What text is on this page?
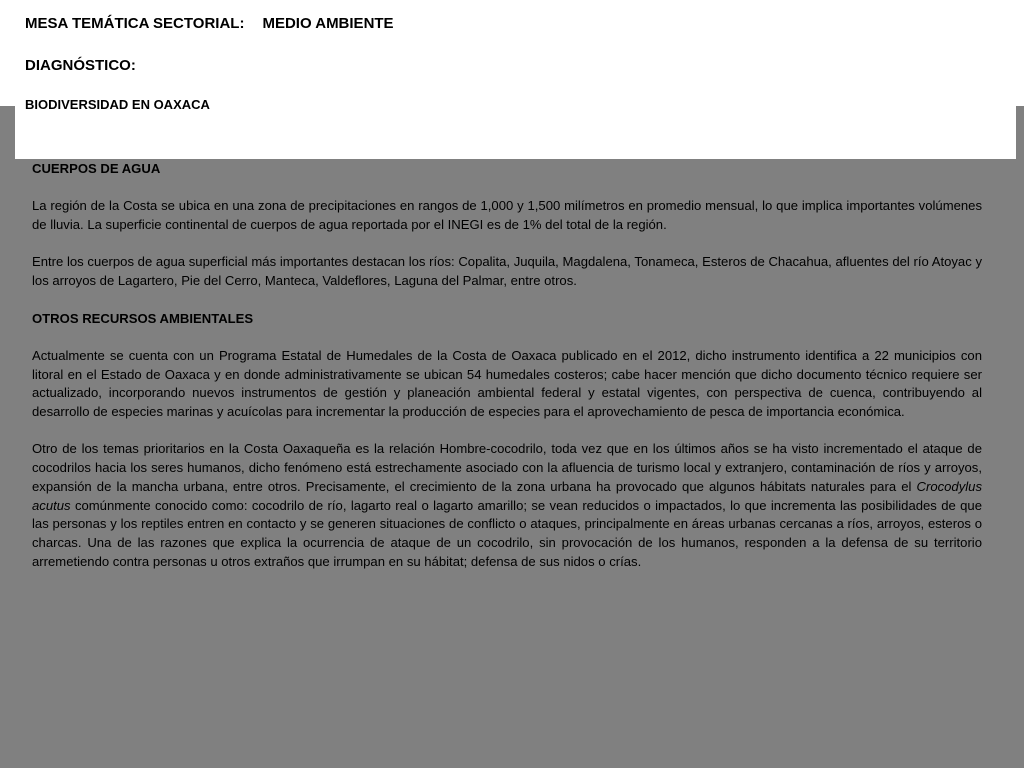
MESA TEMÁTICA SECTORIAL: MEDIO AMBIENTE
DIAGNÓSTICO:
BIODIVERSIDAD EN OAXACA
CUERPOS DE AGUA

La región de la Costa se ubica en una zona de precipitaciones en rangos de 1,000 y 1,500 milímetros en promedio mensual, lo que implica importantes volúmenes de lluvia. La superficie continental de cuerpos de agua reportada por el INEGI es de 1% del total de la región.

Entre los cuerpos de agua superficial más importantes destacan los ríos: Copalita, Juquila, Magdalena, Tonameca, Esteros de Chacahua, afluentes del río Atoyac y los arroyos de Lagartero, Pie del Cerro, Manteca, Valdeflores, Laguna del Palmar, entre otros.

OTROS RECURSOS AMBIENTALES

Actualmente se cuenta con un Programa Estatal de Humedales de la Costa de Oaxaca publicado en el 2012, dicho instrumento identifica a 22 municipios con litoral en el Estado de Oaxaca y en donde administrativamente se ubican 54 humedales costeros; cabe hacer mención que dicho documento técnico requiere ser actualizado, incorporando nuevos instrumentos de gestión y planeación ambiental federal y estatal vigentes, con perspectiva de cuenca, contribuyendo al desarrollo de especies marinas y acuícolas para incrementar la producción de especies para el aprovechamiento de pesca de importancia económica.

Otro de los temas prioritarios en la Costa Oaxaqueña es la relación Hombre-cocodrilo, toda vez que en los últimos años se ha visto incrementado el ataque de cocodrilos hacia los seres humanos, dicho fenómeno está estrechamente asociado con la afluencia de turismo local y extranjero, contaminación de ríos y arroyos, expansión de la mancha urbana, entre otros. Precisamente, el crecimiento de la zona urbana ha provocado que algunos hábitats naturales para el Crocodylus acutus comúnmente conocido como: cocodrilo de río, lagarto real o lagarto amarillo; se vean reducidos o impactados, lo que incrementa las posibilidades de que las personas y los reptiles entren en contacto y se generen situaciones de conflicto o ataques, principalmente en áreas urbanas cercanas a ríos, arroyos, esteros o charcas. Una de las razones que explica la ocurrencia de ataque de un cocodrilo, sin provocación de los humanos, responden a la defensa de su territorio arremetiendo contra personas u otros extraños que irrumpan en su hábitat; defensa de sus nidos o crías.
